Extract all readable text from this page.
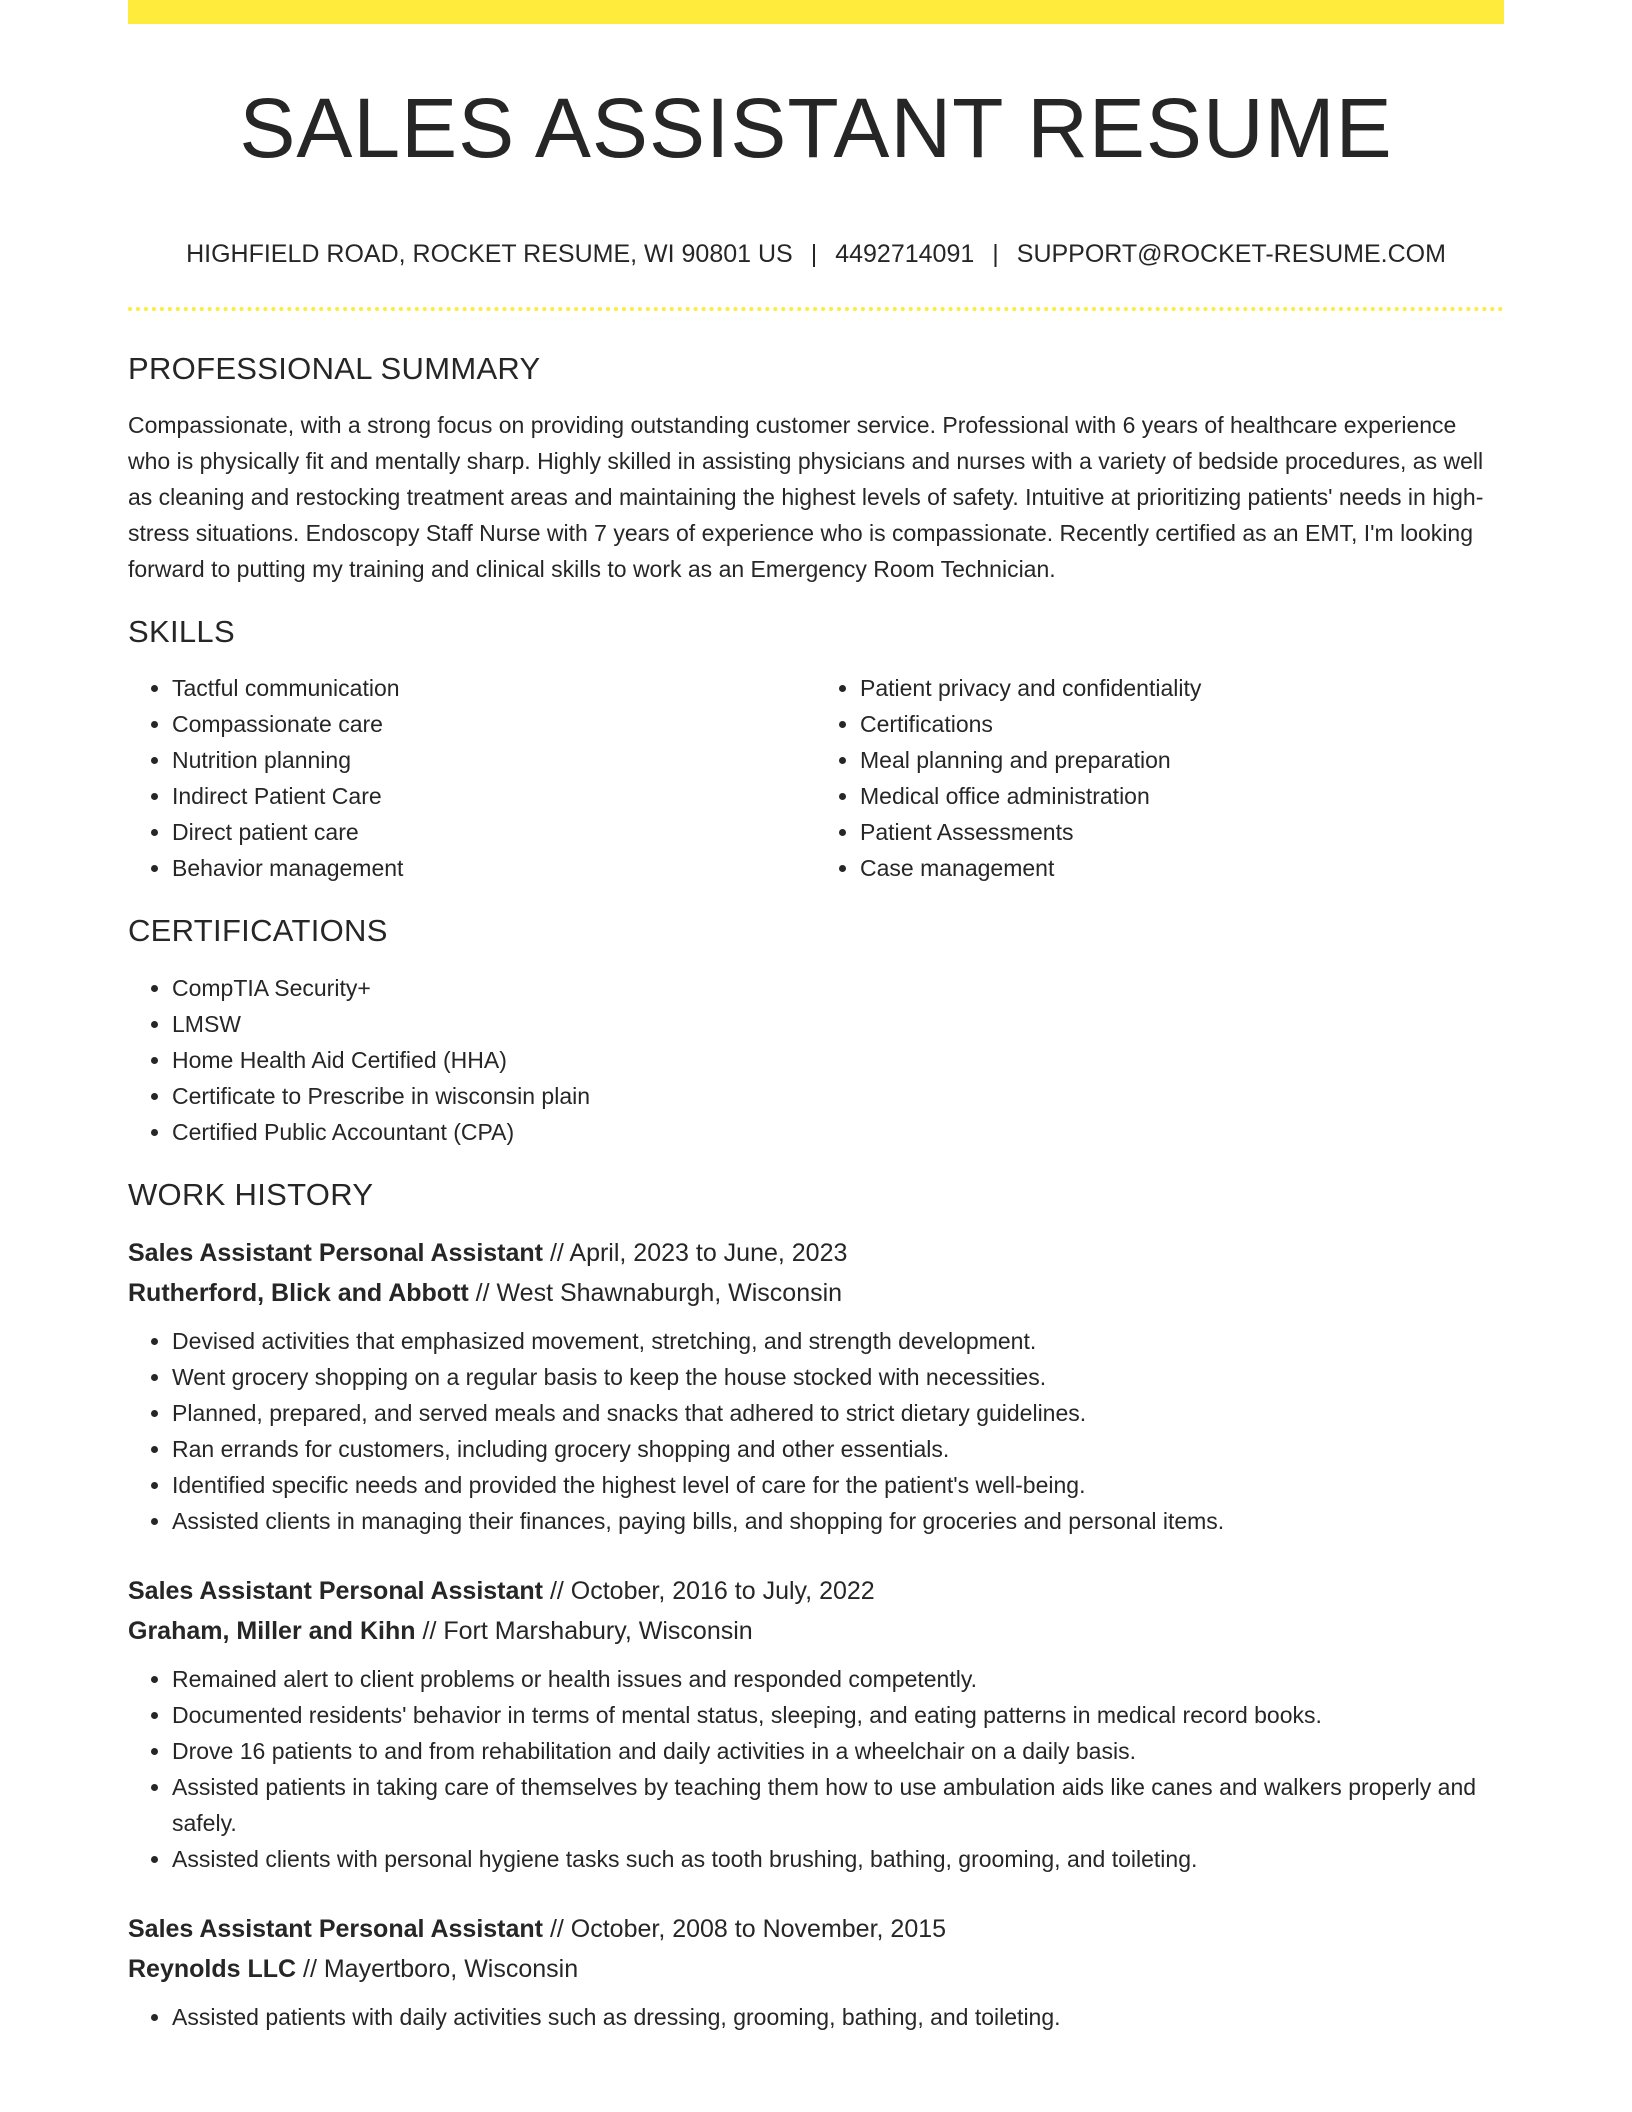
SALES ASSISTANT RESUME
HIGHFIELD ROAD, ROCKET RESUME, WI 90801 US | 4492714091 | SUPPORT@ROCKET-RESUME.COM
PROFESSIONAL SUMMARY

Compassionate, with a strong focus on providing outstanding customer service. Professional with 6 years of healthcare experience who is physically fit and mentally sharp. Highly skilled in assisting physicians and nurses with a variety of bedside procedures, as well as cleaning and restocking treatment areas and maintaining the highest levels of safety. Intuitive at prioritizing patients' needs in high-stress situations. Endoscopy Staff Nurse with 7 years of experience who is compassionate. Recently certified as an EMT, I'm looking forward to putting my training and clinical skills to work as an Emergency Room Technician.

SKILLS
• Tactful communication
• Compassionate care
• Nutrition planning
• Indirect Patient Care
• Direct patient care
• Behavior management
• Patient privacy and confidentiality
• Certifications
• Meal planning and preparation
• Medical office administration
• Patient Assessments
• Case management
CERTIFICATIONS
• CompTIA Security+
• LMSW
• Home Health Aid Certified (HHA)
• Certificate to Prescribe in wisconsin plain
• Certified Public Accountant (CPA)
WORK HISTORY
Sales Assistant Personal Assistant // April, 2023 to June, 2023
Rutherford, Blick and Abbott // West Shawnaburgh, Wisconsin
• Devised activities that emphasized movement, stretching, and strength development.
• Went grocery shopping on a regular basis to keep the house stocked with necessities.
• Planned, prepared, and served meals and snacks that adhered to strict dietary guidelines.
• Ran errands for customers, including grocery shopping and other essentials.
• Identified specific needs and provided the highest level of care for the patient's well-being.
• Assisted clients in managing their finances, paying bills, and shopping for groceries and personal items.
Sales Assistant Personal Assistant // October, 2016 to July, 2022
Graham, Miller and Kihn // Fort Marshabury, Wisconsin
• Remained alert to client problems or health issues and responded competently.
• Documented residents' behavior in terms of mental status, sleeping, and eating patterns in medical record books.
• Drove 16 patients to and from rehabilitation and daily activities in a wheelchair on a daily basis.
• Assisted patients in taking care of themselves by teaching them how to use ambulation aids like canes and walkers properly and safely.
• Assisted clients with personal hygiene tasks such as tooth brushing, bathing, grooming, and toileting.
Sales Assistant Personal Assistant // October, 2008 to November, 2015
Reynolds LLC // Mayertboro, Wisconsin
• Assisted patients with daily activities such as dressing, grooming, bathing, and toileting.
